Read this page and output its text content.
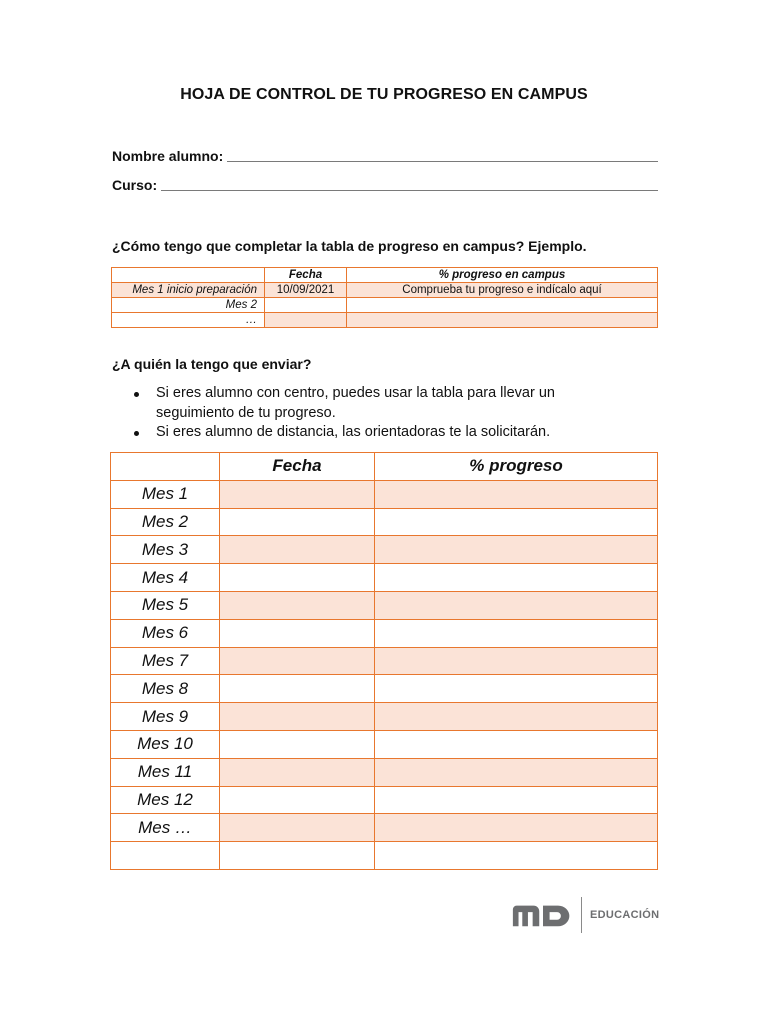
HOJA DE CONTROL DE TU PROGRESO EN CAMPUS
Nombre alumno:
Curso:
¿Cómo tengo que completar la tabla de progreso en campus? Ejemplo.
	Fecha	% progreso en campus
Mes 1 inicio preparación	10/09/2021	Comprueba tu progreso e indícalo aquí
Mes 2		
…		
¿A quién la tengo que enviar?
Si eres alumno con centro, puedes usar la tabla para llevar un seguimiento de tu progreso.
Si eres alumno de distancia, las orientadoras te la solicitarán.
	Fecha	% progreso
Mes 1		
Mes 2		
Mes 3		
Mes 4		
Mes 5		
Mes 6		
Mes 7		
Mes 8		
Mes 9		
Mes 10		
Mes 11		
Mes 12		
Mes …		

EDUCACIÓN
